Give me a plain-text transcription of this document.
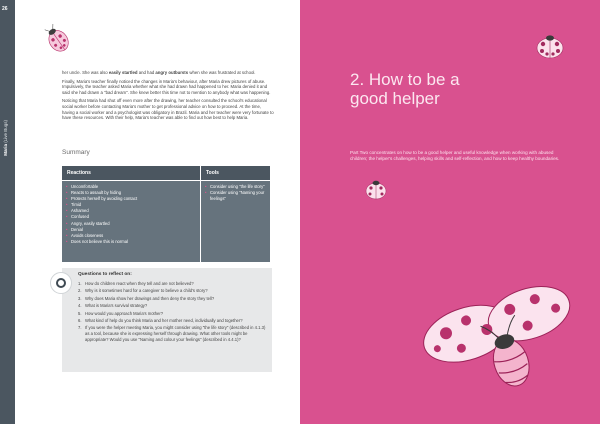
26
Maria (Live Bugs)

her uncle. She was also easily startled and had angry outbursts when she was frustrated at school.

Finally, Maria's teacher finally noticed the changes in Maria's behaviour, after Maria drew pictures of abuse. Impulsively, the teacher asked Maria whether what she had drawn had happened to her. Maria denied it and said she had drawn a "bad dream". She knew better this time not to mention to anybody what was happening.

Noticing that Maria had shut off even more after the drawing, her teacher consulted the school's educational social worker before contacting Maria's mother to get professional advice on how to proceed. At the time, having a social worker and a psychologist was obligatory in Brazil. Maria and her teacher were very fortunate to have these resources. With their help, Maria's teacher was able to find out how best to help Maria.

Summary
Reactions	Tools
• Uncomfortable
• Reacts to assault by hiding
• Protects herself by avoiding contact
• Timid
• Ashamed
• Confused
• Angry, easily startled
• Denial
• Avoids closeness
• Does not believe this is normal
• Consider using "the life story"
• Consider using "Naming your feelings"
Questions to reflect on:
1. How do children react when they tell and are not believed?
2. Why is it sometimes hard for a caregiver to believe a child's story?
3. Why does Maria show her drawings and then deny the story they tell?
4. What is Maria's survival strategy?
5. How would you approach Maria's mother?
6. What kind of help do you think Maria and her mother need, individually and together?
7. If you were the helper meeting Maria, you might consider using "the life story" (described in 4.1.3) as a tool, because she is expressing herself through drawing. What other tools might be appropriate? Would you use "Naming and colour your feelings" (described in 4.4.1)?
2. How to be a
good helper
Part Two concentrates on how to be a good helper and useful knowledge when working with abused children; the helper's challenges, helping skills and self-reflection, and how to keep healthy boundaries.
